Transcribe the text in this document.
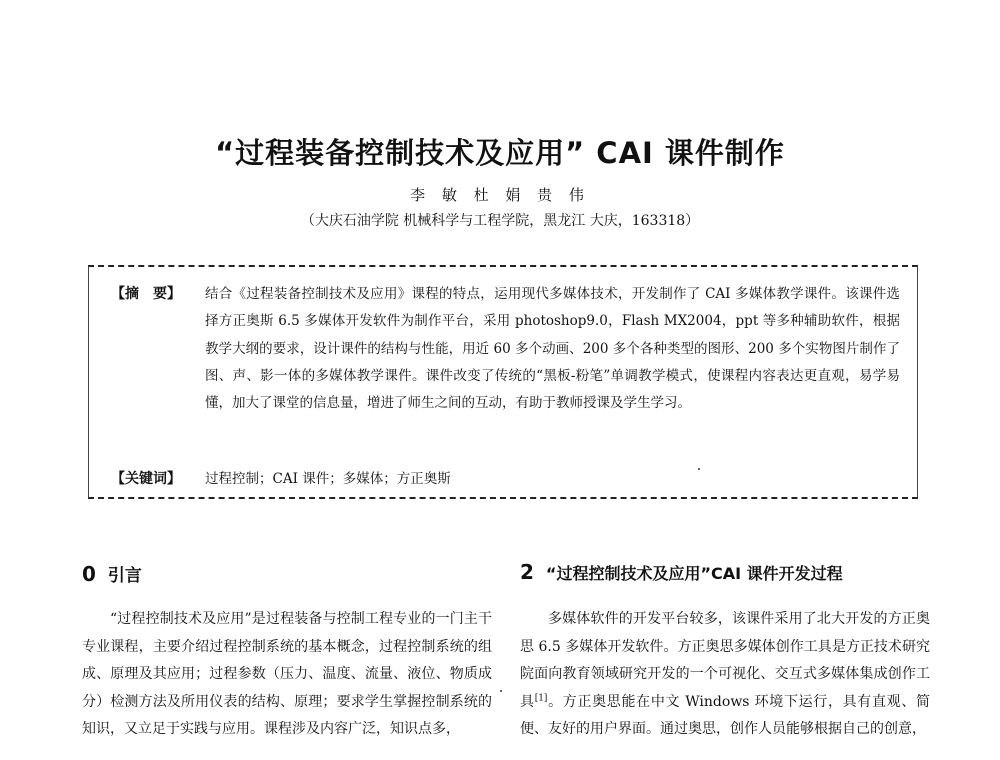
“过程装备控制技术及应用” CAI 课件制作
李 敏 杜 娟 贵 伟
（大庆石油学院 机械科学与工程学院，黑龙江 大庆，163318）
【摘　要】 结合《过程装备控制技术及应用》课程的特点，运用现代多媒体技术，开发制作了 CAI 多媒体教学课件。该课件选择方正奥斯 6.5 多媒体开发软件为制作平台，采用 photoshop9.0，Flash MX2004，ppt 等多种辅助软件，根据教学大纲的要求，设计课件的结构与性能，用近 60 多个动画、200 多个各种类型的图形、200 多个实物图片制作了图、声、影一体的多媒体教学课件。课件改变了传统的“黑板-粉笔”单调教学模式，使课程内容表达更直观，易学易懂，加大了课堂的信息量，增进了师生之间的互动，有助于教师授课及学生学习。
【关键词】 过程控制；CAI 课件；多媒体；方正奥斯
0 引言

“过程控制技术及应用”是过程装备与控制工程专业的一门主干专业课程，主要介绍过程控制系统的基本概念，过程控制系统的组成、原理及其应用；过程参数（压力、温度、流量、液位、物质成分）检测方法及所用仪表的结构、原理；要求学生掌握控制系统的知识，又立足于实践与应用。课程涉及内容广泛，知识点多，

2 “过程控制技术及应用”CAI 课件开发过程

多媒体软件的开发平台较多，该课件采用了北大开发的方正奥思 6.5 多媒体开发软件。方正奥思多媒体创作工具是方正技术研究院面向教育领域研究开发的一个可视化、交互式多媒体集成创作工具[1]。方正奥思能在中文 Windows 环境下运行，具有直观、简便、友好的用户界面。通过奥思，创作人员能够根据自己的创意，
